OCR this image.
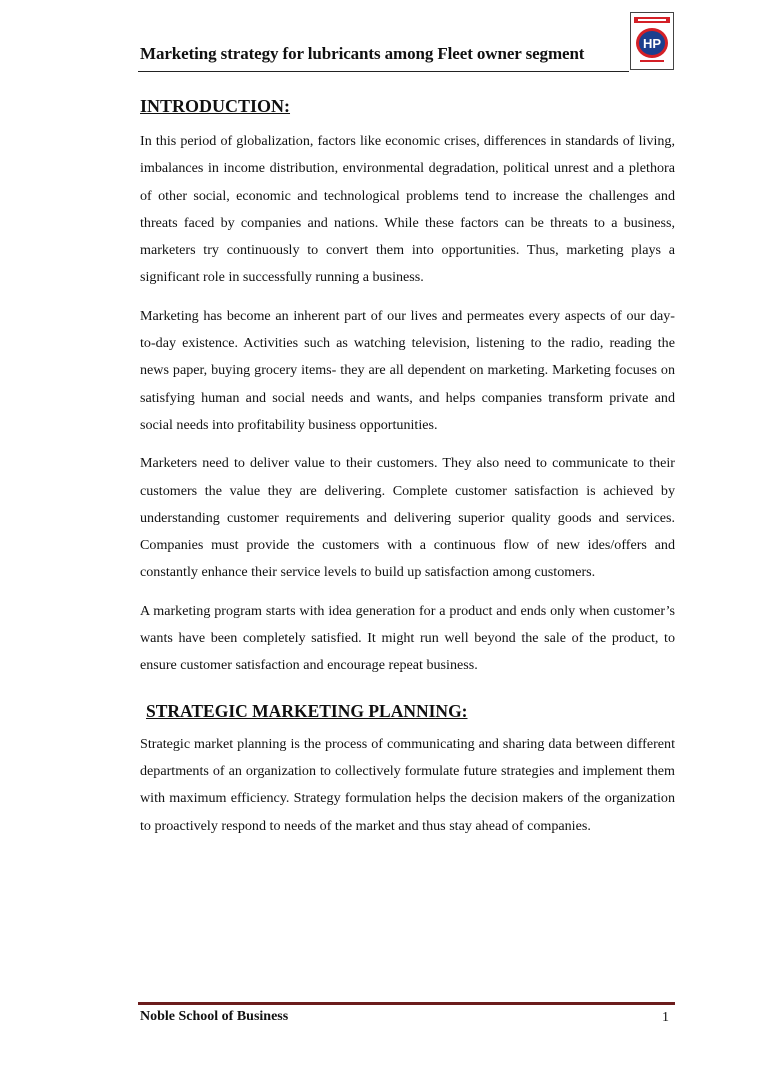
Marketing strategy for lubricants among Fleet owner segment
HP
INTRODUCTION:

In this period of globalization, factors like economic crises, differences in standards of living, imbalances in income distribution, environmental degradation, political unrest and a plethora of other social, economic and technological problems tend to increase the challenges and threats faced by companies and nations. While these factors can be threats to a business, marketers try continuously to convert them into opportunities. Thus, marketing plays a significant role in successfully running a business.

Marketing has become an inherent part of our lives and permeates every aspects of our day- to-day existence. Activities such as watching television, listening to the radio, reading the news paper, buying grocery items- they are all dependent on marketing. Marketing focuses on satisfying human and social needs and wants, and helps companies transform private and social needs into profitability business opportunities.

Marketers need to deliver value to their customers. They also need to communicate to their customers the value they are delivering. Complete customer satisfaction is achieved by understanding customer requirements and delivering superior quality goods and services. Companies must provide the customers with a continuous flow of new ides/offers and constantly enhance their service levels to build up satisfaction among customers.

A marketing program starts with idea generation for a product and ends only when customer’s wants have been completely satisfied. It might run well beyond the sale of the product, to ensure customer satisfaction and encourage repeat business.

STRATEGIC MARKETING PLANNING:

Strategic market planning is the process of communicating and sharing data between different departments of an organization to collectively formulate future strategies and implement them with maximum efficiency. Strategy formulation helps the decision makers of the organization to proactively respond to needs of the market and thus stay ahead of companies.

Noble School of Business	1
